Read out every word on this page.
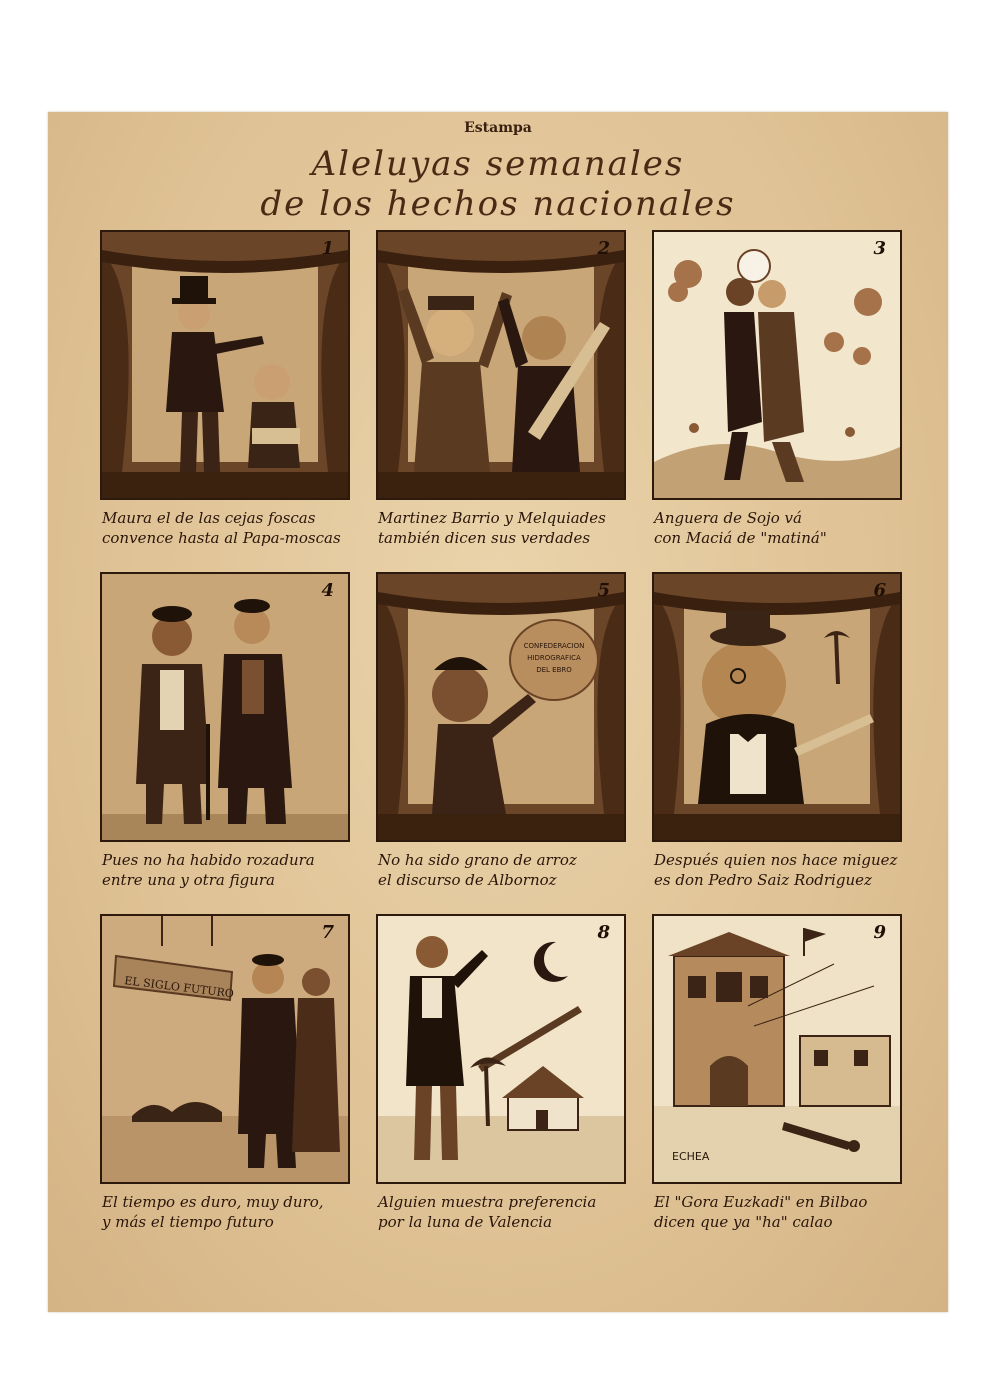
Estampa
Aleluyas semanales
de los hechos nacionales
1
Maura el de las cejas foscas
convence hasta al Papa-moscas
2
Martinez Barrio y Melquiades
también dicen sus verdades
3
Anguera de Sojo vá
con Maciá de "matiná"
4
Pues no ha habido rozadura
entre una y otra figura
CONFEDERACION
HIDROGRAFICA
DEL EBRO
5
No ha sido grano de arroz
el discurso de Albornoz
6
Después quien nos hace miguez
es don Pedro Saiz Rodriguez
EL SIGLO FUTURO
7
El tiempo es duro, muy duro,
y más el tiempo futuro
8
Alguien muestra preferencia
por la luna de Valencia
ECHEA
9
El "Gora Euzkadi" en Bilbao
dicen que ya "ha" calao
